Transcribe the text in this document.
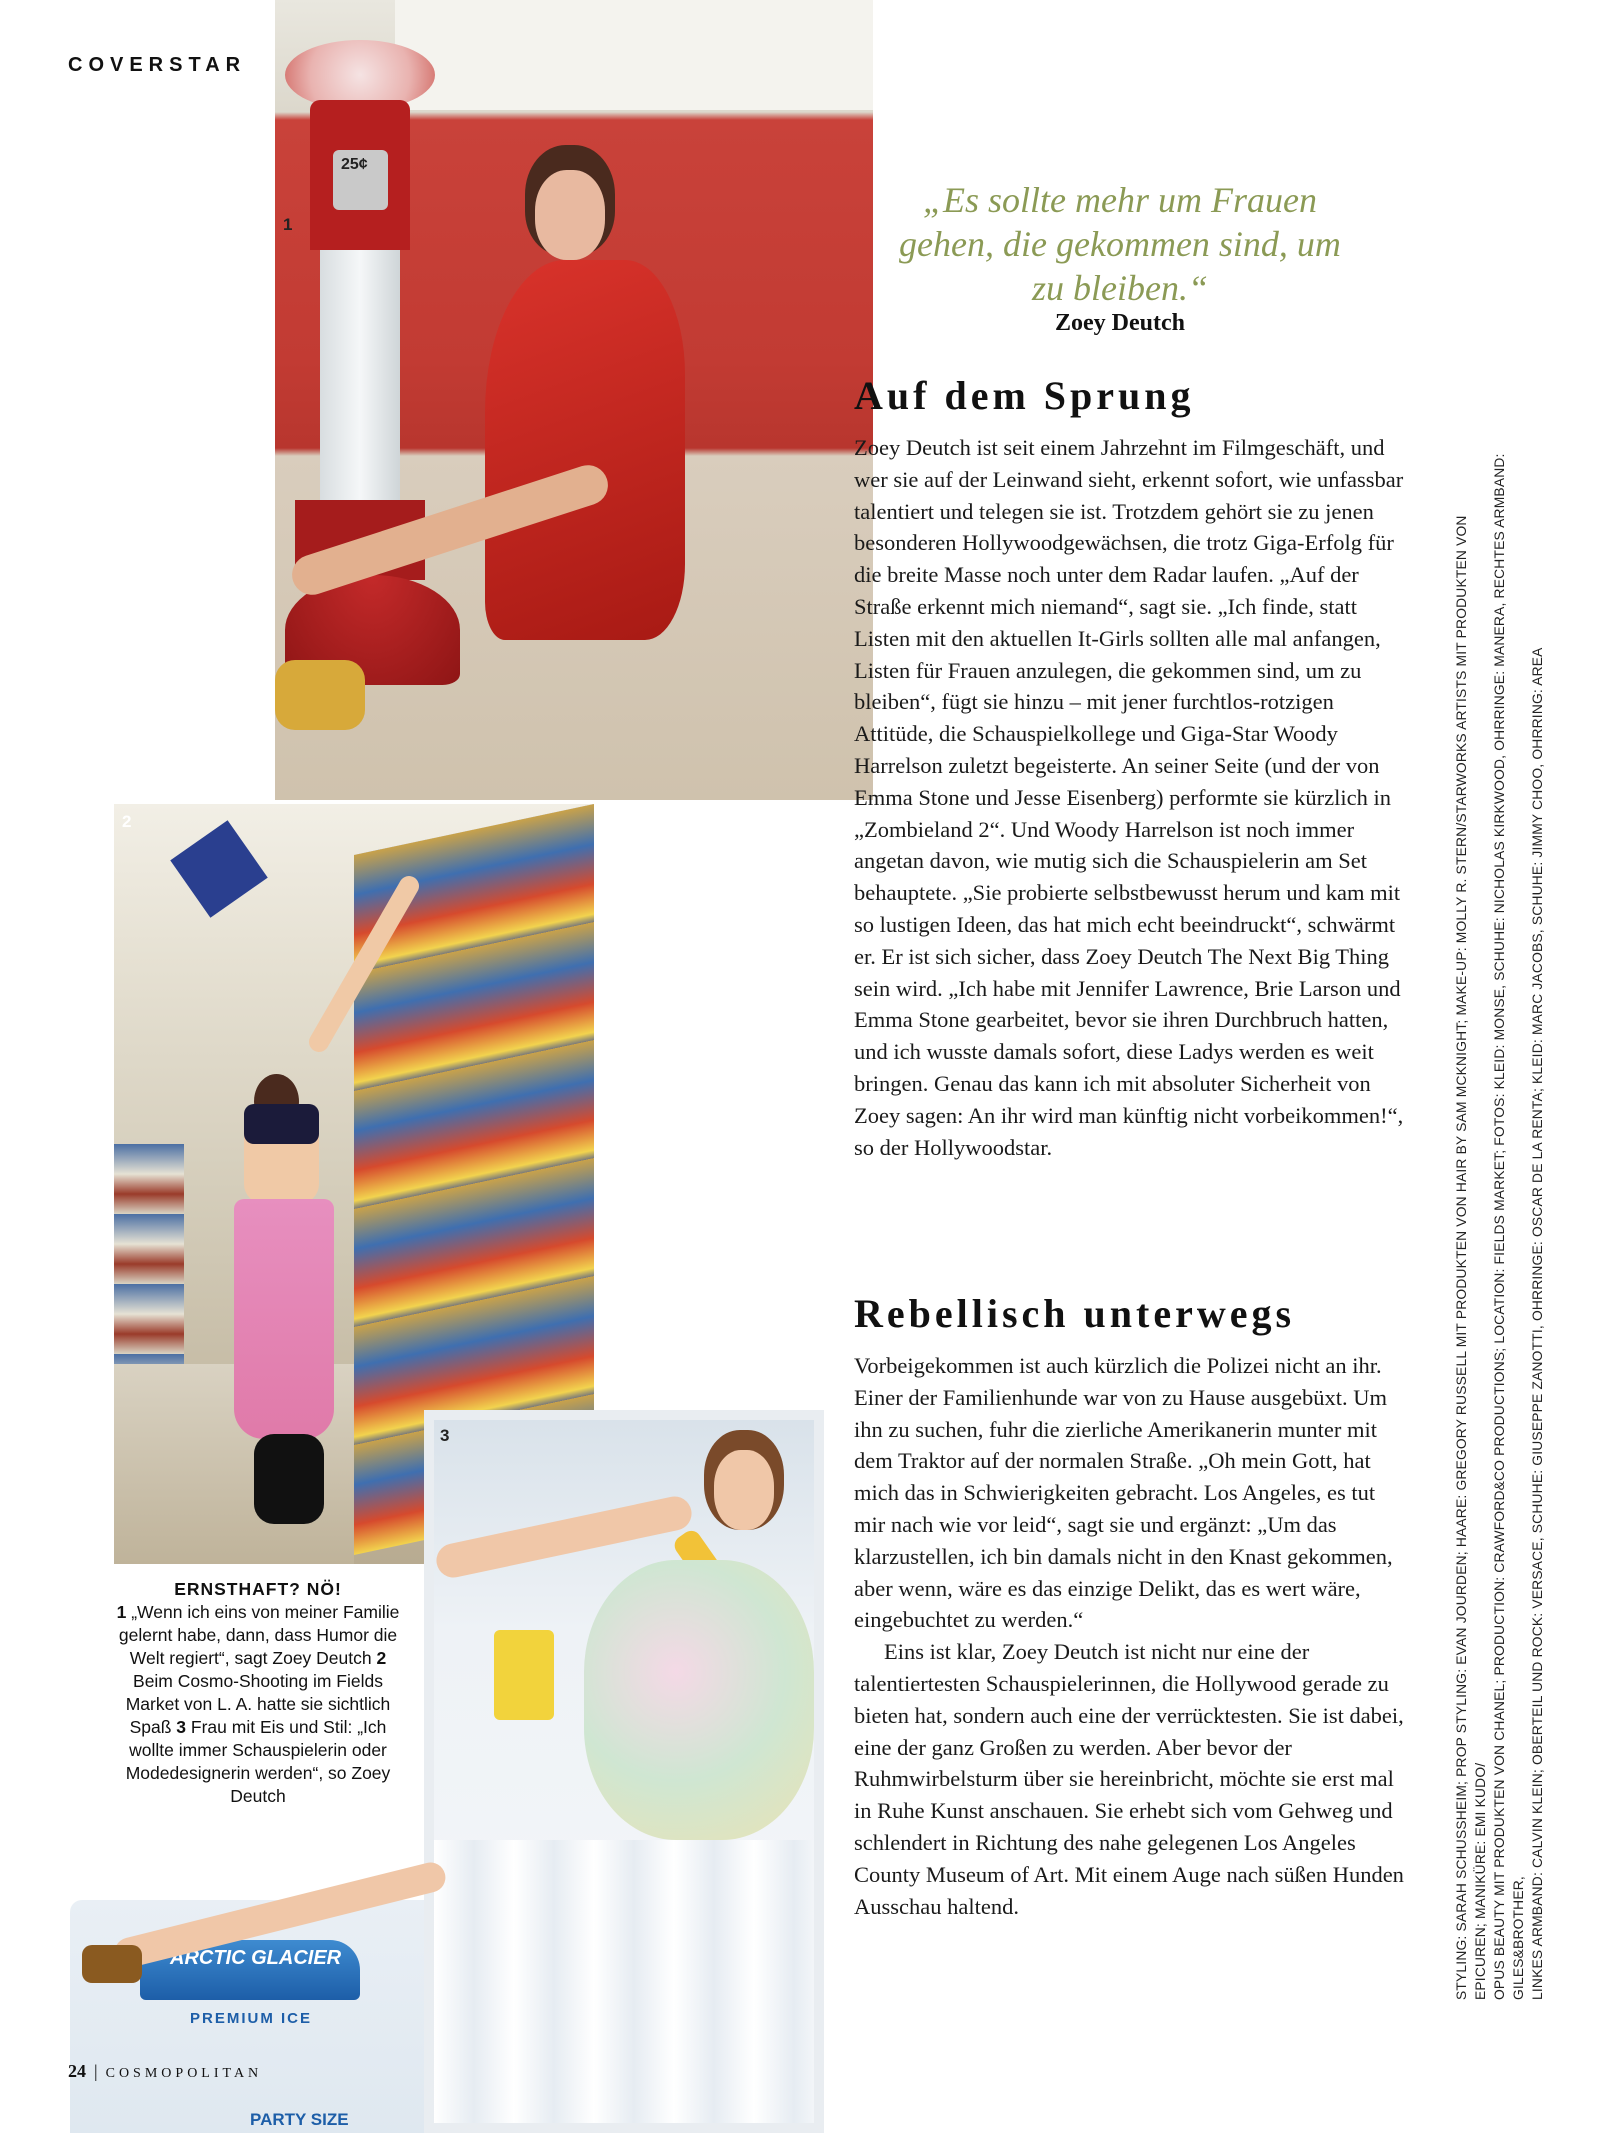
COVERSTAR
25¢
1
2
ARCTIC GLACIER
PREMIUM ICE
PARTY SIZE
3
„Es sollte mehr um Frauen gehen, die gekommen sind, um zu bleiben.“
Zoey Deutch
Auf dem Sprung

Zoey Deutch ist seit einem Jahrzehnt im Filmgeschäft, und wer sie auf der Leinwand sieht, erkennt sofort, wie unfassbar talentiert und telegen sie ist. Trotzdem gehört sie zu jenen besonderen Hollywoodgewächsen, die trotz Giga-Erfolg für die breite Masse noch unter dem Radar laufen. „Auf der Straße erkennt mich niemand“, sagt sie. „Ich finde, statt Listen mit den aktuellen It-Girls sollten alle mal anfangen, Listen für Frauen anzulegen, die gekommen sind, um zu bleiben“, fügt sie hinzu – mit jener furchtlos-rotzigen Attitüde, die Schauspielkollege und Giga-Star Woody Harrelson zuletzt begeisterte. An seiner Seite (und der von Emma Stone und Jesse Eisenberg) performte sie kürzlich in „Zombieland 2“. Und Woody Harrelson ist noch immer angetan davon, wie mutig sich die Schauspielerin am Set behauptete. „Sie probierte selbstbewusst herum und kam mit so lustigen Ideen, das hat mich echt beeindruckt“, schwärmt er. Er ist sich sicher, dass Zoey Deutch The Next Big Thing sein wird. „Ich habe mit Jennifer Lawrence, Brie Larson und Emma Stone gearbeitet, bevor sie ihren Durchbruch hatten, und ich wusste damals sofort, diese Ladys werden es weit bringen. Genau das kann ich mit absoluter Sicherheit von Zoey sagen: An ihr wird man künftig nicht vorbeikommen!“, so der Hollywoodstar.

Rebellisch unterwegs

Vorbeigekommen ist auch kürzlich die Polizei nicht an ihr. Einer der Familienhunde war von zu Hause ausgebüxt. Um ihn zu suchen, fuhr die zierliche Amerikanerin munter mit dem Traktor auf der normalen Straße. „Oh mein Gott, hat mich das in Schwierigkeiten gebracht. Los Angeles, es tut mir nach wie vor leid“, sagt sie und ergänzt: „Um das klarzustellen, ich bin damals nicht in den Knast gekommen, aber wenn, wäre es das einzige Delikt, das es wert wäre, eingebuchtet zu werden.“

Eins ist klar, Zoey Deutch ist nicht nur eine der talentiertesten Schauspielerinnen, die Hollywood gerade zu bieten hat, sondern auch eine der verrücktesten. Sie ist dabei, eine der ganz Großen zu werden. Aber bevor der Ruhmwirbelsturm über sie hereinbricht, möchte sie erst mal in Ruhe Kunst anschauen. Sie erhebt sich vom Gehweg und schlendert in Richtung des nahe gelegenen Los Angeles County Museum of Art. Mit einem Auge nach süßen Hunden Ausschau haltend.

ERNSTHAFT? NÖ!
1 „Wenn ich eins von meiner Familie gelernt habe, dann, dass Humor die Welt regiert“, sagt Zoey Deutch 2 Beim Cosmo-Shooting im Fields Market von L. A. hatte sie sichtlich Spaß 3 Frau mit Eis und Stil: „Ich wollte immer Schauspielerin oder Modedesignerin werden“, so Zoey Deutch	STYLING: SARAH SCHUSSHEIM; PROP STYLING: EVAN JOURDEN; HAARE: GREGORY RUSSELL MIT PRODUKTEN VON HAIR BY SAM MCKNIGHT; MAKE-UP: MOLLY R. STERN/STARWORKS ARTISTS MIT PRODUKTEN VON EPICUREN; MANIKÜRE: EMI KUDO/ OPUS BEAUTY MIT PRODUKTEN VON CHANEL; PRODUCTION: CRAWFORD&CO PRODUCTIONS; LOCATION: FIELDS MARKET; FOTOS: KLEID: MONSE, SCHUHE: NICHOLAS KIRKWOOD, OHRRINGE: MANERA, RECHTES ARMBAND: GILES&BROTHER, LINKES ARMBAND: CALVIN KLEIN; OBERTEIL UND ROCK: VERSACE, SCHUHE: GIUSEPPE ZANOTTI, OHRRINGE: OSCAR DE LA RENTA; KLEID: MARC JACOBS, SCHUHE: JIMMY CHOO, OHRRING: AREA

24 | COSMOPOLITAN
